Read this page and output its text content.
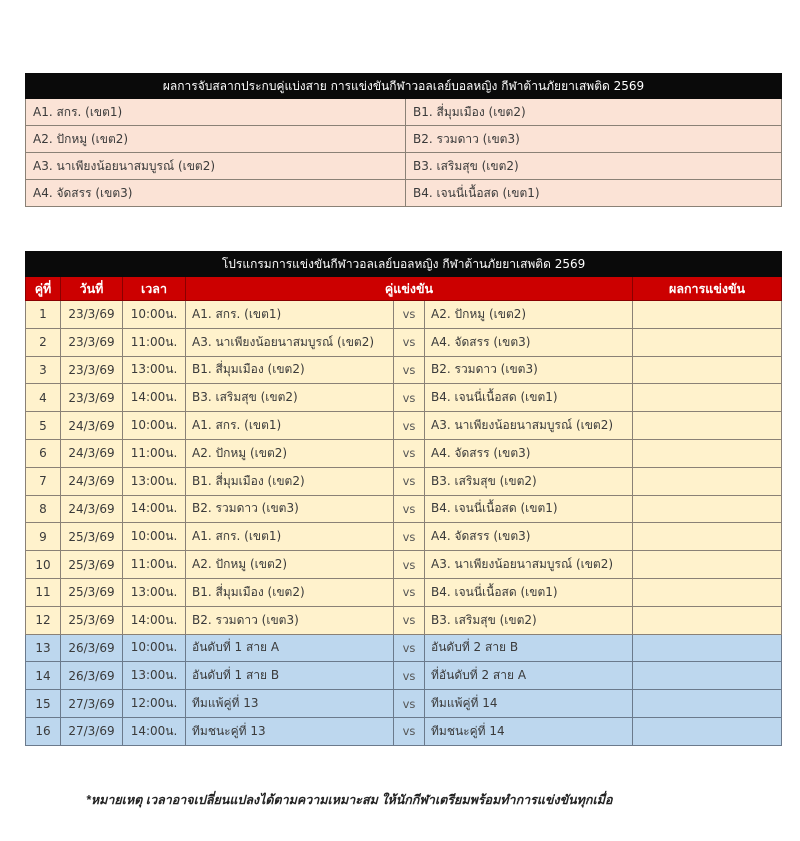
ผลการจับสลากประกบคู่แบ่งสาย การแข่งขันกีฬาวอลเลย์บอลหญิง กีฬาต้านภัยยาเสพติด 2569	
A1. สกร. (เขต1)	B1. สี่มุมเมือง (เขต2)
A2. ปักหมู (เขต2)	B2. รวมดาว (เขต3)
A3. นาเพียงน้อยนาสมบูรณ์ (เขต2)	B3. เสริมสุข (เขต2)
A4. จัดสรร (เขต3)	B4. เจนนี่เนื้อสด (เขต1)
โปรแกรมการแข่งขันกีฬาวอลเลย์บอลหญิง กีฬาต้านภัยยาเสพติด 2569						
คู่ที่	วันที่	เวลา	คู่แข่งขัน			ผลการแข่งขัน
1	23/3/69	10:00น.	A1. สกร. (เขต1)	vs	A2. ปักหมู (เขต2)	
2	23/3/69	11:00น.	A3. นาเพียงน้อยนาสมบูรณ์ (เขต2)	vs	A4. จัดสรร (เขต3)	
3	23/3/69	13:00น.	B1. สี่มุมเมือง (เขต2)	vs	B2. รวมดาว (เขต3)	
4	23/3/69	14:00น.	B3. เสริมสุข (เขต2)	vs	B4. เจนนี่เนื้อสด (เขต1)	
5	24/3/69	10:00น.	A1. สกร. (เขต1)	vs	A3. นาเพียงน้อยนาสมบูรณ์ (เขต2)	
6	24/3/69	11:00น.	A2. ปักหมู (เขต2)	vs	A4. จัดสรร (เขต3)	
7	24/3/69	13:00น.	B1. สี่มุมเมือง (เขต2)	vs	B3. เสริมสุข (เขต2)	
8	24/3/69	14:00น.	B2. รวมดาว (เขต3)	vs	B4. เจนนี่เนื้อสด (เขต1)	
9	25/3/69	10:00น.	A1. สกร. (เขต1)	vs	A4. จัดสรร (เขต3)	
10	25/3/69	11:00น.	A2. ปักหมู (เขต2)	vs	A3. นาเพียงน้อยนาสมบูรณ์ (เขต2)	
11	25/3/69	13:00น.	B1. สี่มุมเมือง (เขต2)	vs	B4. เจนนี่เนื้อสด (เขต1)	
12	25/3/69	14:00น.	B2. รวมดาว (เขต3)	vs	B3. เสริมสุข (เขต2)	
13	26/3/69	10:00น.	อันดับที่ 1 สาย A	vs	อันดับที่ 2 สาย B	
14	26/3/69	13:00น.	อันดับที่ 1 สาย B	vs	ที่อันดับที่ 2 สาย A	
15	27/3/69	12:00น.	ทีมแพ้คู่ที่ 13	vs	ทีมแพ้คู่ที่ 14	
16	27/3/69	14:00น.	ทีมชนะคู่ที่ 13	vs	ทีมชนะคู่ที่ 14	
*หมายเหตุ เวลาอาจเปลี่ยนแปลงได้ตามความเหมาะสม ให้นักกีฬาเตรียมพร้อมทำการแข่งขันทุกเมื่อ
